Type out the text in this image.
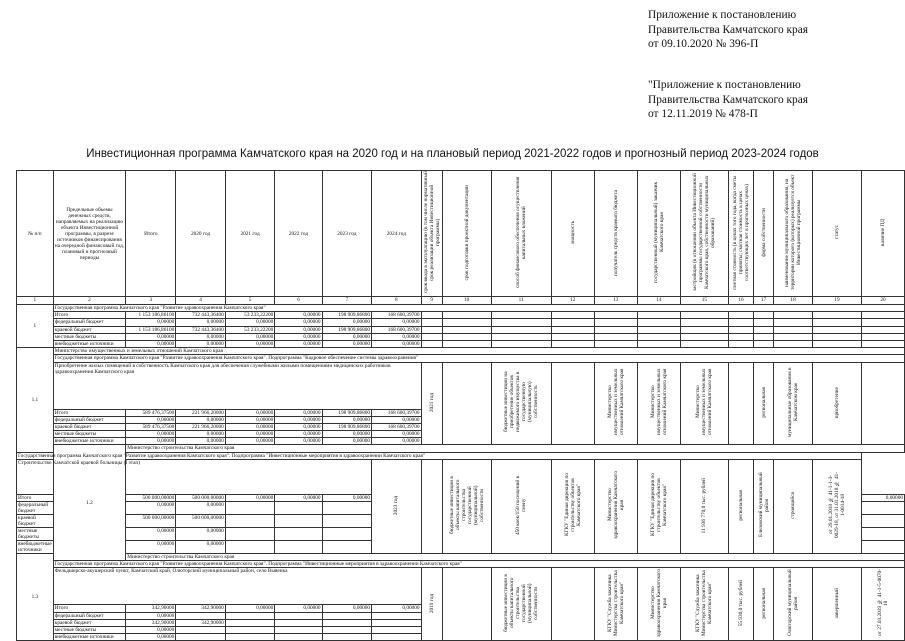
Приложение к постановлению
Правительства Камчатского края
от 09.10.2020 № 396-П
"Приложение к постановлению
Правительства Камчатского края
от 12.11.2019 № 478-П
Инвестиционная программа Камчатского края на 2020 год и на плановый период 2021-2022 годов и прогнозный период 2023-2024 годов
№ п/п	Предельные объемы денежных средств, направляемых на реализацию объекта Инвестиционной программы, в разрезе источников финансирования на очередной финансовый год, плановый и прогнозный периоды	Итого	2020 год	2021 год	2022 год	2023 год	2024 год	срок ввода в эксплуатацию (в том числе нормативный срок реализации объекта Инвестиционной программы)	срок подготовки проектной документации	способ финансового обеспечения осуществления капитальных вложений	мощность	получатель средств краевого бюджета	государственный (муниципальный) заказчик Камчатского края	застройщик (в отношении объекта Инвестиционной программы государственной собственности Камчатского края, собственности муниципальных образований)	сметная стоимость (в ценах того года, когда сметы приняты; сметная стоимость в ценах соответствующих лет в прогнозных ценах)	форма собственности	наименование муниципального образования, на территории которого (которых) реализуется объект Инвестиционной программы	статус	наличие ПД
1	2	3	4	5	6	7	8	9	10	11	12	13	14	15	16	17	18	19	20
1	Государственная программа Камчатского края "Развитие здравоохранения Камчатского края"																		
	Итого	1 153 186,86100	732 443,36400	53 233,22200	0,00000	198 909,86800	168 600,39700												
	федеральный бюджет	0,00000	0,00000	0,00000	0,00000	0,00000	0,00000												
	краевой бюджет	1 153 186,86100	732 443,36400	53 233,22200	0,00000	198 909,86800	168 600,39700												
	местные бюджеты	0,00000	0,00000	0,00000	0,00000	0,00000	0,00000												
	внебюджетные источники	0,00000	0,00000	0,00000	0,00000	0,00000	0,00000												
1.1	Министерство имущественных и земельных отношений Камчатского края																		
	Государственная программа Камчатского края "Развитие здравоохранения Камчатского края". Подпрограмма "Кадровое обеспечение системы здравоохранения"																		
	Приобретение жилых помещений в собственность Камчатского края для обеспечения служебными жилыми помещениями медицинских работников здравоохранения Камчатского края							2021 год		бюджетные инвестиции на приобретение объектов недвижимого имущества в государственную (муниципальную) собственность		Министерство имущественных и земельных отношений Камчатского края	Министерство имущественных и земельных отношений Камчатского края	Министерство имущественных и земельных отношений Камчатского края		региональная	муниципальные образования в Камчатском крае	приобретение	
	Итого	589 476,37500	221 966,20000	0,00000	0,00000	198 909,86800	168 600,39700												
	федеральный бюджет	0,00000	0,00000	0,00000	0,00000	0,00000	0,00000												
	краевой бюджет	589 476,37500	221 966,20000	0,00000	0,00000	198 909,86800	168 600,39700												
	местные бюджеты	0,00000	0,00000	0,00000	0,00000	0,00000	0,00000												
	внебюджетные источники	0,00000	0,00000	0,00000	0,00000	0,00000	0,00000												
	1.2	Министерство строительства Камчатского края																	
Государственная программа Камчатского края "Развитие здравоохранения Камчатского края". Подпрограмма "Инвестиционные мероприятия в здравоохранении Камчатского края"																			
Строительство Камчатской краевой больницы (I этап)							2023 год		бюджетные инвестиции в объекты капитального строительства государственной (муниципальной) собственности	450 коек/150 посещений в смену	КГКУ "Единая дирекция по строительству объектов Камчатского края"	Министерство здравоохранения Камчатского края	КГКУ "Единая дирекция по строительству объектов Камчатского края"	11 936 770,0 тыс. рублей	региональная	Елизовский муниципальный район	строящийся	от 29.01.2018 № 41-1-1-3-0029-18, от 31.01.2018 № 41-1-0014-18	
Итого		500 000,00000	500 000,00000	0,00000	0,00000	0,00000													0,00000
федеральный бюджет		0,00000	0,00000																
краевой бюджет		500 000,00000	500 000,00000																
местные бюджеты		0,00000	0,00000																
внебюджетные источники		0,00000	0,00000																
1.3		Министерство строительства Камчатского края																	
	Государственная программа Камчатского края "Развитие здравоохранения Камчатского края". Подпрограмма "Инвестиционные мероприятия в здравоохранении Камчатского края"																		
	Фельдшерско-акушерский пункт, Камчатский край, Олюторский муниципальный район, село Вывенка							2019 год		бюджетные инвестиции в объекты капитального строительства государственной (муниципальной) собственности		КГКУ "Служба заказчика Министерства строительства Камчатского края"	Министерство здравоохранения Камчатского края	КГКУ "Служба заказчика Министерства строительства Камчатского края"	55 930,0 тыс. рублей	региональная	Олюторский муниципальный район	завершенный	от 27.03.2019 № 41-1-5-0070-18
	Итого	342,90000	342,90000	0,00000	0,00000	0,00000	0,00000												
	федеральный бюджет	0,00000																	
	краевой бюджет	342,90000	342,90000																
	местные бюджеты	0,00000																	
	внебюджетные источники	0,00000																	
